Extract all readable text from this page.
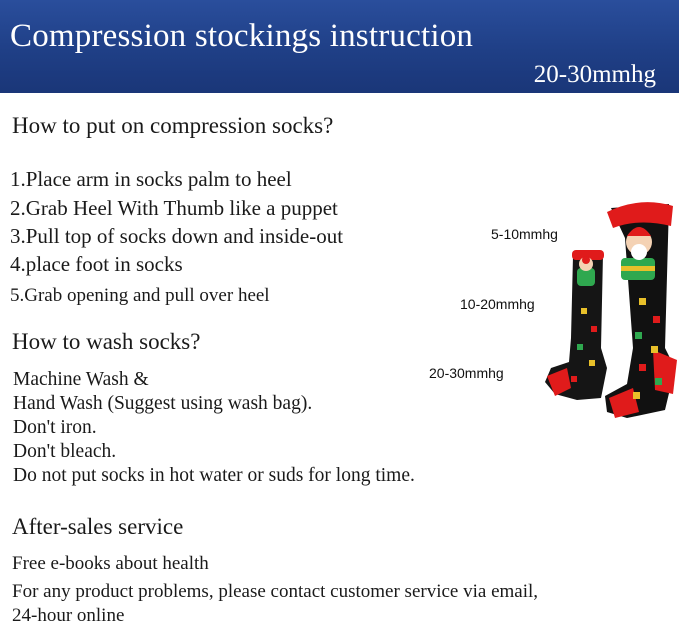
Compression stockings instruction
20-30mmhg
How to put on compression socks?
1.Place arm in socks palm to heel
2.Grab Heel With Thumb like a puppet
3.Pull top of socks down and inside-out
4.place foot in socks
5.Grab opening and pull over heel
How to wash socks?
Machine Wash &
Hand Wash (Suggest using wash bag).
Don't iron.
Don't bleach.
Do not put socks in hot water or suds for long time.
After-sales service
Free e-books about health
For any product problems, please contact customer service via email,
24-hour online
5-10mmhg
10-20mmhg
20-30mmhg
